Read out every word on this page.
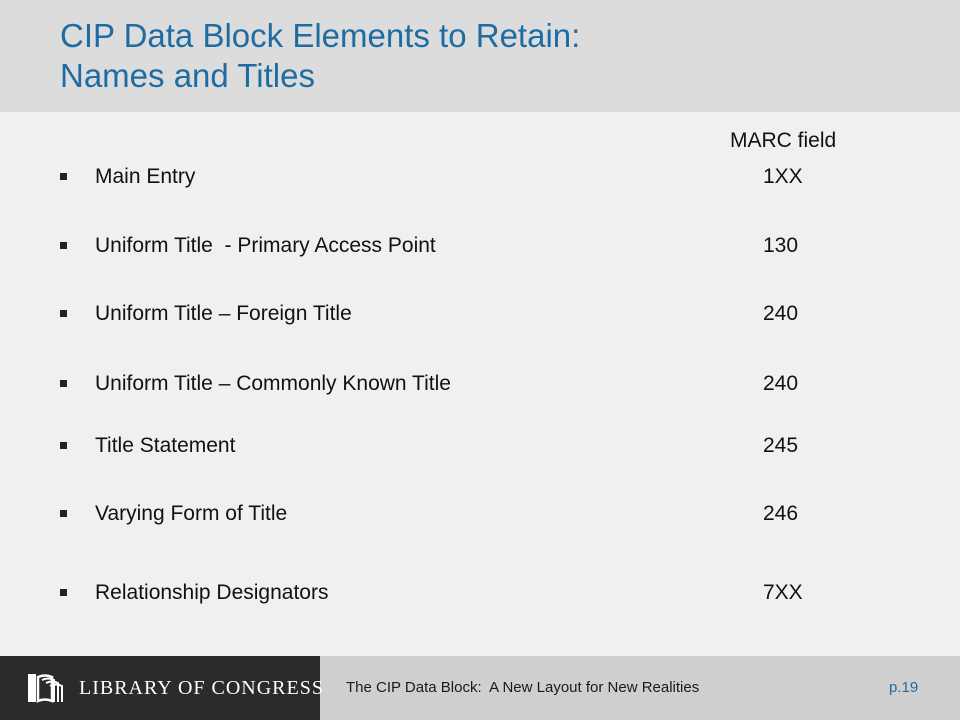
CIP Data Block Elements to Retain:
Names and Titles
MARC field
Main Entry	1XX
Uniform Title  - Primary Access Point	130
Uniform Title – Foreign Title	240
Uniform Title – Commonly Known Title	240
Title Statement	245
Varying Form of Title	246
Relationship Designators	7XX
LIBRARY OF CONGRESS The CIP Data Block:  A New Layout for New Realities	p.19
